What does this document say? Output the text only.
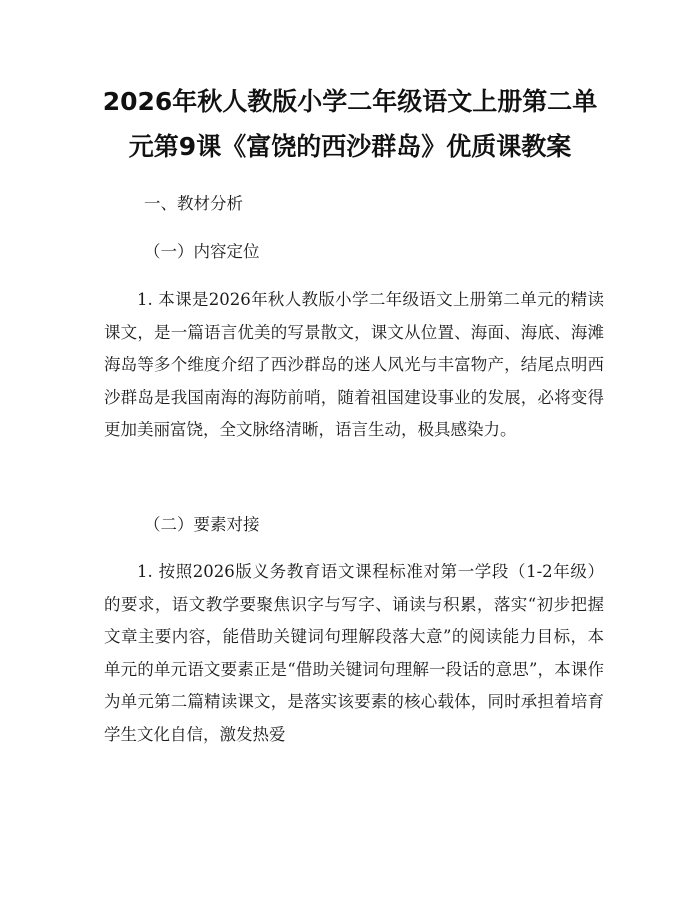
2026年秋人教版小学二年级语文上册第二单
元第9课《富饶的西沙群岛》优质课教案

一、教材分析

（一）内容定位

1. 本课是2026年秋人教版小学二年级语文上册第二单元的精读课文，是一篇语言优美的写景散文，课文从位置、海面、海底、海滩海岛等多个维度介绍了西沙群岛的迷人风光与丰富物产，结尾点明西沙群岛是我国南海的海防前哨，随着祖国建设事业的发展，必将变得更加美丽富饶，全文脉络清晰，语言生动，极具感染力。

（二）要素对接

1. 按照2026版义务教育语文课程标准对第一学段（1-2年级）的要求，语文教学要聚焦识字与写字、诵读与积累，落实“初步把握文章主要内容，能借助关键词句理解段落大意”的阅读能力目标，本单元的单元语文要素正是“借助关键词句理解一段话的意思”，本课作为单元第二篇精读课文，是落实该要素的核心载体，同时承担着培育学生文化自信，激发热爱
